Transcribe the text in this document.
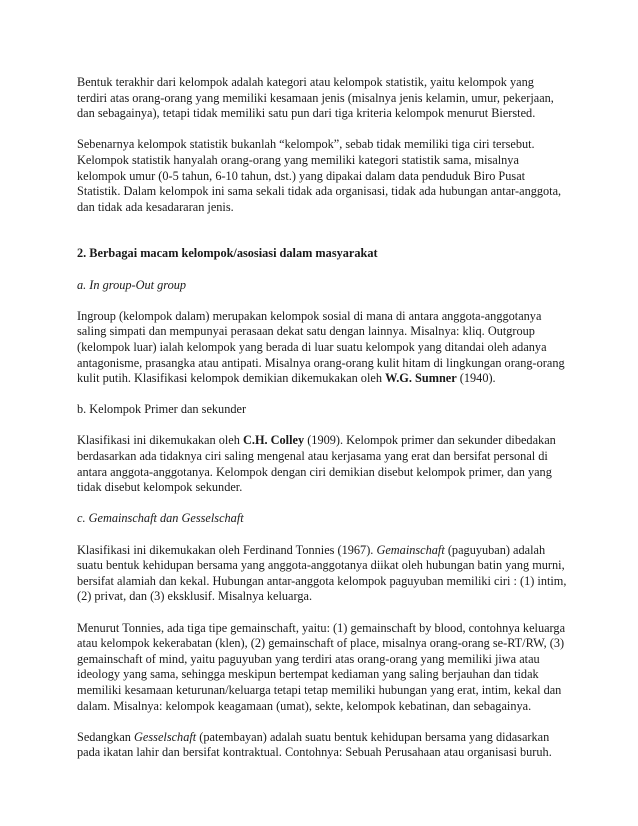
Bentuk terakhir dari kelompok adalah kategori atau kelompok statistik, yaitu kelompok yang terdiri atas orang-orang yang memiliki kesamaan jenis (misalnya jenis kelamin, umur, pekerjaan, dan sebagainya), tetapi tidak memiliki satu pun dari tiga kriteria kelompok menurut Biersted.

Sebenarnya kelompok statistik bukanlah “kelompok”, sebab tidak memiliki tiga ciri tersebut. Kelompok statistik hanyalah orang-orang yang memiliki kategori statistik sama, misalnya kelompok umur (0-5 tahun, 6-10 tahun, dst.) yang dipakai dalam data penduduk Biro Pusat Statistik. Dalam kelompok ini sama sekali tidak ada organisasi, tidak ada hubungan antar-anggota, dan tidak ada kesadararan jenis.

2. Berbagai macam kelompok/asosiasi dalam masyarakat

a. In group-Out group

Ingroup (kelompok dalam) merupakan kelompok sosial di mana di antara anggota-anggotanya saling simpati dan mempunyai perasaan dekat satu dengan lainnya. Misalnya: kliq. Outgroup (kelompok luar) ialah kelompok yang berada di luar suatu kelompok yang ditandai oleh adanya antagonisme, prasangka atau antipati. Misalnya orang-orang kulit hitam di lingkungan orang-orang kulit putih. Klasifikasi kelompok demikian dikemukakan oleh W.G. Sumner (1940).

b. Kelompok Primer dan sekunder

Klasifikasi ini dikemukakan oleh C.H. Colley (1909). Kelompok primer dan sekunder dibedakan berdasarkan ada tidaknya ciri saling mengenal atau kerjasama yang erat dan bersifat personal di antara anggota-anggotanya. Kelompok dengan ciri demikian disebut kelompok primer, dan yang tidak disebut kelompok sekunder.

c. Gemainschaft dan Gesselschaft

Klasifikasi ini dikemukakan oleh Ferdinand Tonnies (1967). Gemainschaft (paguyuban) adalah suatu bentuk kehidupan bersama yang anggota-anggotanya diikat oleh hubungan batin yang murni, bersifat alamiah dan kekal. Hubungan antar-anggota kelompok paguyuban memiliki ciri : (1) intim, (2) privat, dan (3) eksklusif. Misalnya keluarga.

Menurut Tonnies, ada tiga tipe gemainschaft, yaitu: (1) gemainschaft by blood, contohnya keluarga atau kelompok kekerabatan (klen), (2) gemainschaft of place, misalnya orang-orang se-RT/RW, (3) gemainschaft of mind, yaitu paguyuban yang terdiri atas orang-orang yang memiliki jiwa atau ideology yang sama, sehingga meskipun bertempat kediaman yang saling berjauhan dan tidak memiliki kesamaan keturunan/keluarga tetapi tetap memiliki hubungan yang erat, intim, kekal dan dalam. Misalnya: kelompok keagamaan (umat), sekte, kelompok kebatinan, dan sebagainya.

Sedangkan Gesselschaft (patembayan) adalah suatu bentuk kehidupan bersama yang didasarkan pada ikatan lahir dan bersifat kontraktual. Contohnya: Sebuah Perusahaan atau organisasi buruh.
